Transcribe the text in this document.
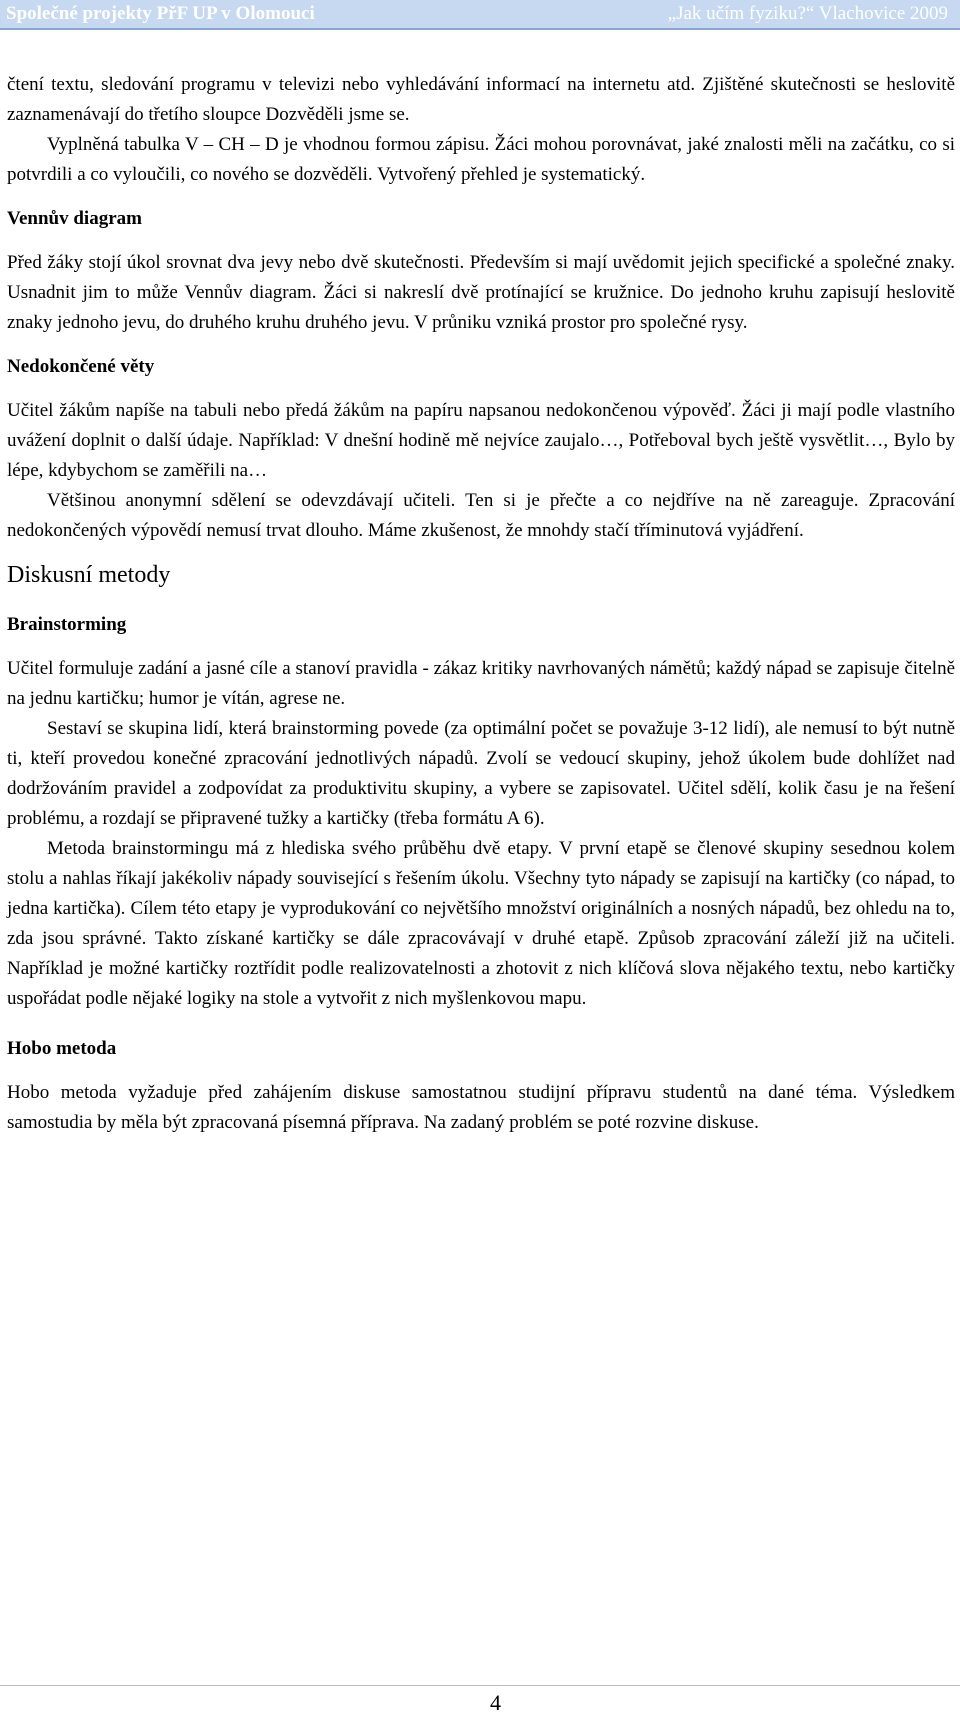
Společné projekty PřF UP v Olomouci	„Jak učím fyziku?“ Vlachovice 2009

čtení textu, sledování programu v televizi nebo vyhledávání informací na internetu atd. Zjištěné skutečnosti se heslovitě zaznamenávají do třetího sloupce Dozvěděli jsme se.

Vyplněná tabulka V – CH – D je vhodnou formou zápisu. Žáci mohou porovnávat, jaké znalosti měli na začátku, co si potvrdili a co vyloučili, co nového se dozvěděli. Vytvořený přehled je systematický.

Vennův diagram

Před žáky stojí úkol srovnat dva jevy nebo dvě skutečnosti. Především si mají uvědomit jejich specifické a společné znaky. Usnadnit jim to může Vennův diagram. Žáci si nakreslí dvě protínající se kružnice. Do jednoho kruhu zapisují heslovitě znaky jednoho jevu, do druhého kruhu druhého jevu. V průniku vzniká prostor pro společné rysy.

Nedokončené věty

Učitel žákům napíše na tabuli nebo předá žákům na papíru napsanou nedokončenou výpověď. Žáci ji mají podle vlastního uvážení doplnit o další údaje. Například: V dnešní hodině mě nejvíce zaujalo…, Potřeboval bych ještě vysvětlit…, Bylo by lépe, kdybychom se zaměřili na…

Většinou anonymní sdělení se odevzdávají učiteli. Ten si je přečte a co nejdříve na ně zareaguje. Zpracování nedokončených výpovědí nemusí trvat dlouho. Máme zkušenost, že mnohdy stačí tříminutová vyjádření.

Diskusní metody
Brainstorming

Učitel formuluje zadání a jasné cíle a stanoví pravidla - zákaz kritiky navrhovaných námětů; každý nápad se zapisuje čitelně na jednu kartičku; humor je vítán, agrese ne.

Sestaví se skupina lidí, která brainstorming povede (za optimální počet se považuje 3-12 lidí), ale nemusí to být nutně ti, kteří provedou konečné zpracování jednotlivých nápadů. Zvolí se vedoucí skupiny, jehož úkolem bude dohlížet nad dodržováním pravidel a zodpovídat za produktivitu skupiny, a vybere se zapisovatel. Učitel sdělí, kolik času je na řešení problému, a rozdají se připravené tužky a kartičky (třeba formátu A 6).

Metoda brainstormingu má z hlediska svého průběhu dvě etapy. V první etapě se členové skupiny sesednou kolem stolu a nahlas říkají jakékoliv nápady související s řešením úkolu. Všechny tyto nápady se zapisují na kartičky (co nápad, to jedna kartička). Cílem této etapy je vyprodukování co největšího množství originálních a nosných nápadů, bez ohledu na to, zda jsou správné. Takto získané kartičky se dále zpracovávají v druhé etapě. Způsob zpracování záleží již na učiteli. Například je možné kartičky roztřídit podle realizovatelnosti a zhotovit z nich klíčová slova nějakého textu, nebo kartičky uspořádat podle nějaké logiky na stole a vytvořit z nich myšlenkovou mapu.

Hobo metoda

Hobo metoda vyžaduje před zahájením diskuse samostatnou studijní přípravu studentů na dané téma. Výsledkem samostudia by měla být zpracovaná písemná příprava. Na zadaný problém se poté rozvine diskuse.

4
